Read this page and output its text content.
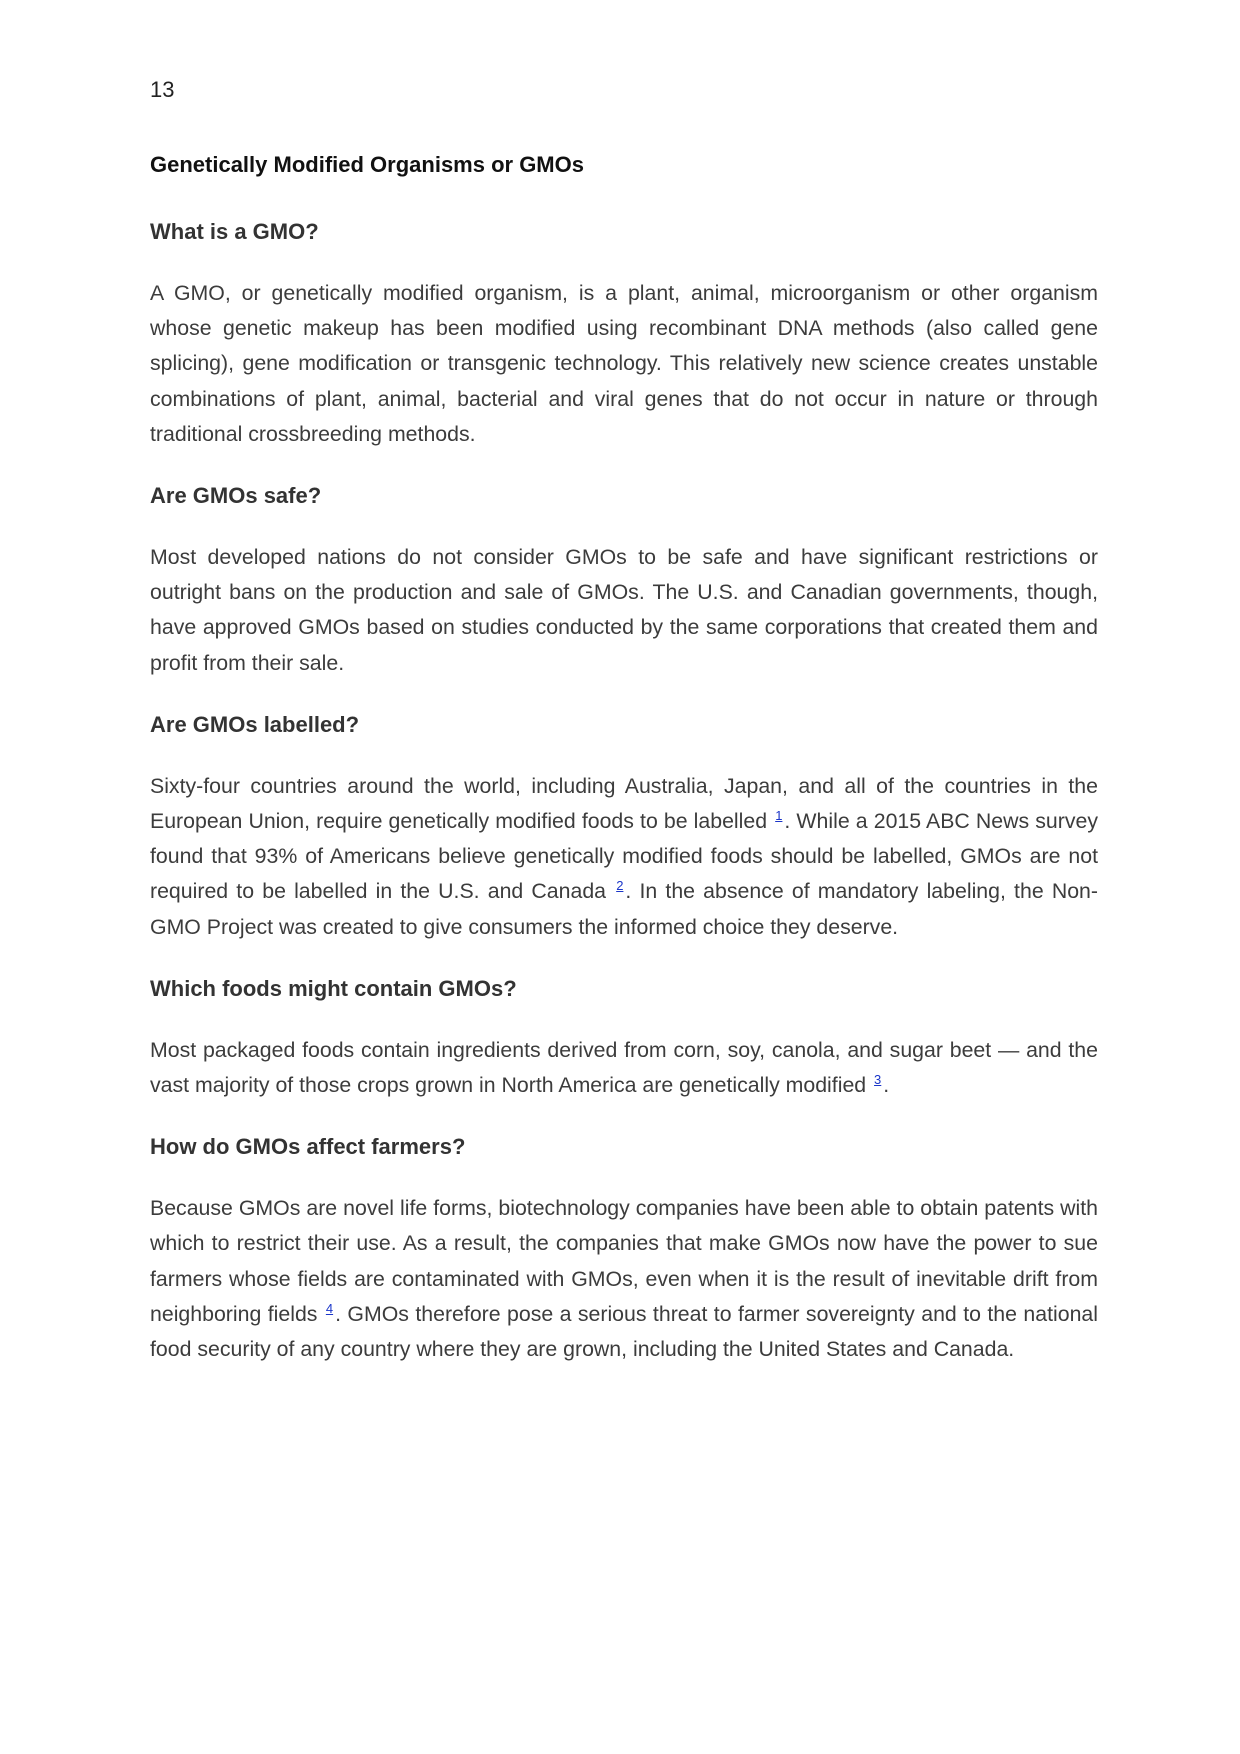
13
Genetically Modified Organisms or GMOs
What is a GMO?

A GMO, or genetically modified organism, is a plant, animal, microorganism or other organism whose genetic makeup has been modified using recombinant DNA methods (also called gene splicing), gene modification or transgenic technology. This relatively new science creates unstable combinations of plant, animal, bacterial and viral genes that do not occur in nature or through traditional crossbreeding methods.

Are GMOs safe?

Most developed nations do not consider GMOs to be safe and have significant restrictions or outright bans on the production and sale of GMOs. The U.S. and Canadian governments, though, have approved GMOs based on studies conducted by the same corporations that created them and profit from their sale.

Are GMOs labelled?

Sixty-four countries around the world, including Australia, Japan, and all of the countries in the European Union, require genetically modified foods to be labelled $^1$. While a 2015 ABC News survey found that 93% of Americans believe genetically modified foods should be labelled, GMOs are not required to be labelled in the U.S. and Canada $^2$. In the absence of mandatory labeling, the Non-GMO Project was created to give consumers the informed choice they deserve.

Which foods might contain GMOs?

Most packaged foods contain ingredients derived from corn, soy, canola, and sugar beet — and the vast majority of those crops grown in North America are genetically modified $^3$.

How do GMOs affect farmers?

Because GMOs are novel life forms, biotechnology companies have been able to obtain patents with which to restrict their use. As a result, the companies that make GMOs now have the power to sue farmers whose fields are contaminated with GMOs, even when it is the result of inevitable drift from neighboring fields $^4$. GMOs therefore pose a serious threat to farmer sovereignty and to the national food security of any country where they are grown, including the United States and Canada.
